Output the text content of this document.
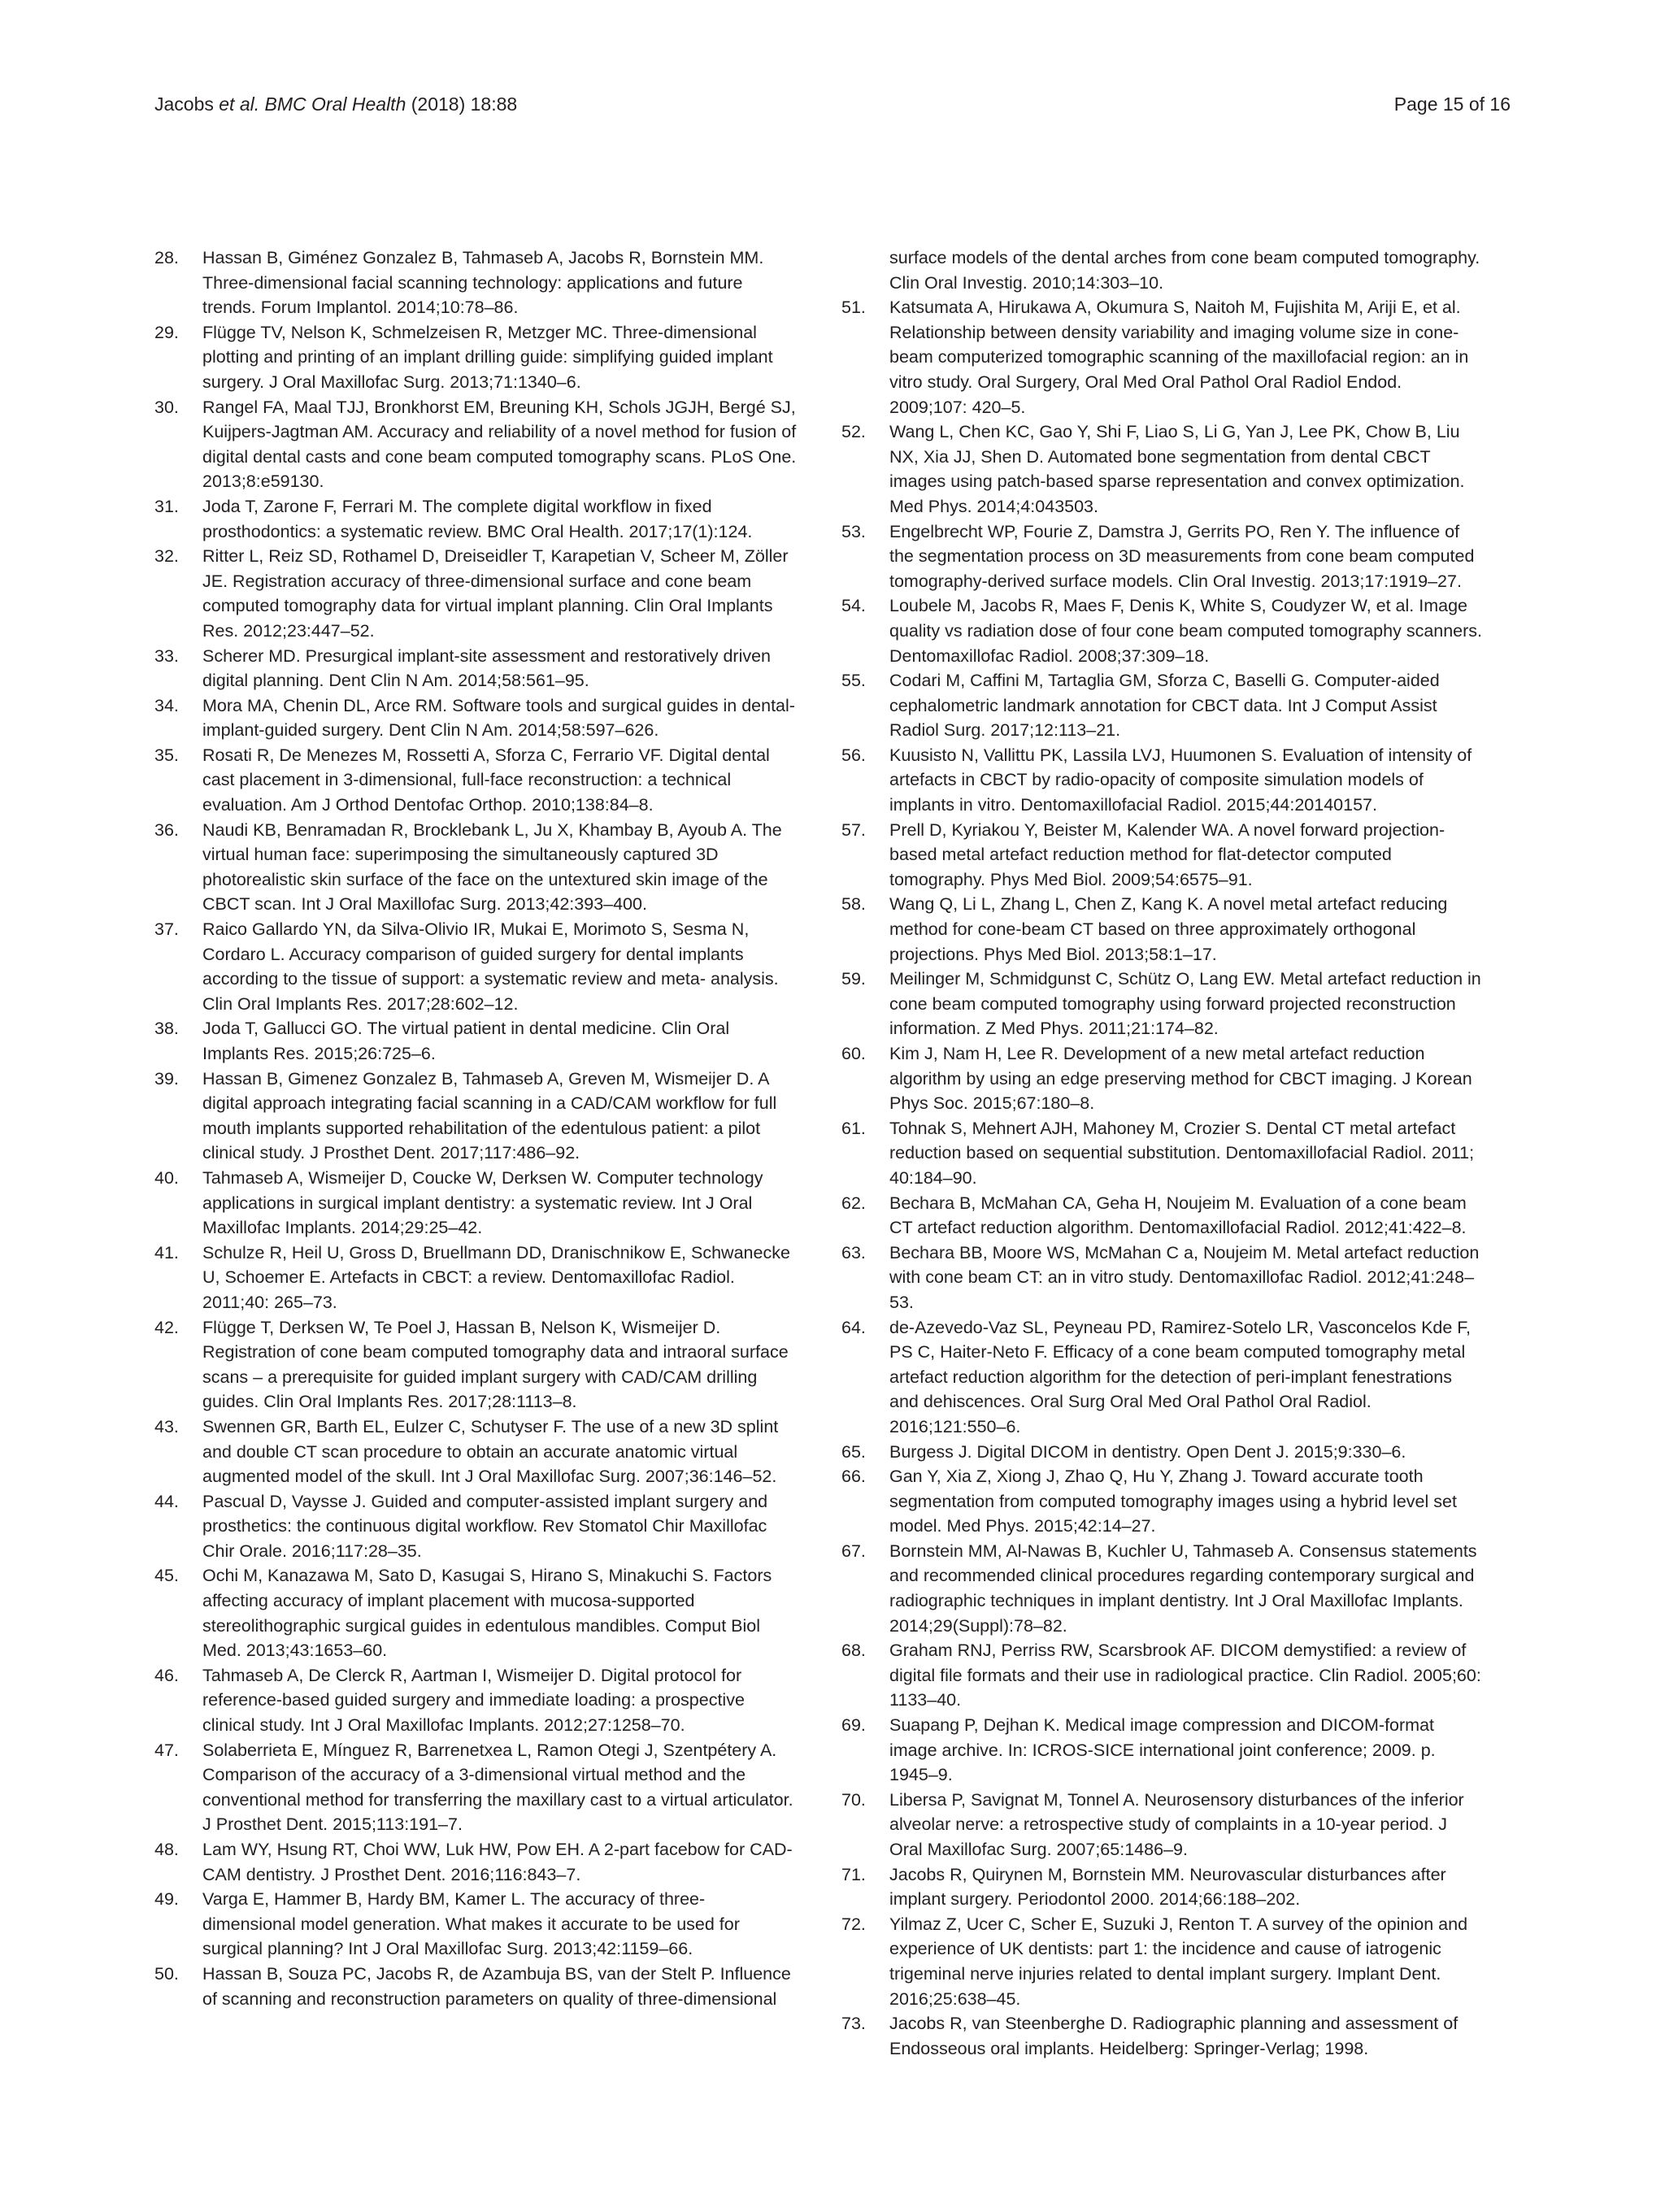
Jacobs et al. BMC Oral Health (2018) 18:88	Page 15 of 16

28. Hassan B, Giménez Gonzalez B, Tahmaseb A, Jacobs R, Bornstein MM. Three-dimensional facial scanning technology: applications and future trends. Forum Implantol. 2014;10:78–86.

29. Flügge TV, Nelson K, Schmelzeisen R, Metzger MC. Three-dimensional plotting and printing of an implant drilling guide: simplifying guided implant surgery. J Oral Maxillofac Surg. 2013;71:1340–6.

30. Rangel FA, Maal TJJ, Bronkhorst EM, Breuning KH, Schols JGJH, Bergé SJ, Kuijpers-Jagtman AM. Accuracy and reliability of a novel method for fusion of digital dental casts and cone beam computed tomography scans. PLoS One. 2013;8:e59130.

31. Joda T, Zarone F, Ferrari M. The complete digital workflow in fixed prosthodontics: a systematic review. BMC Oral Health. 2017;17(1):124.

32. Ritter L, Reiz SD, Rothamel D, Dreiseidler T, Karapetian V, Scheer M, Zöller JE. Registration accuracy of three-dimensional surface and cone beam computed tomography data for virtual implant planning. Clin Oral Implants Res. 2012;23:447–52.

33. Scherer MD. Presurgical implant-site assessment and restoratively driven digital planning. Dent Clin N Am. 2014;58:561–95.

34. Mora MA, Chenin DL, Arce RM. Software tools and surgical guides in dental-implant-guided surgery. Dent Clin N Am. 2014;58:597–626.

35. Rosati R, De Menezes M, Rossetti A, Sforza C, Ferrario VF. Digital dental cast placement in 3-dimensional, full-face reconstruction: a technical evaluation. Am J Orthod Dentofac Orthop. 2010;138:84–8.

36. Naudi KB, Benramadan R, Brocklebank L, Ju X, Khambay B, Ayoub A. The virtual human face: superimposing the simultaneously captured 3D photorealistic skin surface of the face on the untextured skin image of the CBCT scan. Int J Oral Maxillofac Surg. 2013;42:393–400.

37. Raico Gallardo YN, da Silva-Olivio IR, Mukai E, Morimoto S, Sesma N, Cordaro L. Accuracy comparison of guided surgery for dental implants according to the tissue of support: a systematic review and meta- analysis. Clin Oral Implants Res. 2017;28:602–12.

38. Joda T, Gallucci GO. The virtual patient in dental medicine. Clin Oral Implants Res. 2015;26:725–6.

39. Hassan B, Gimenez Gonzalez B, Tahmaseb A, Greven M, Wismeijer D. A digital approach integrating facial scanning in a CAD/CAM workflow for full mouth implants supported rehabilitation of the edentulous patient: a pilot clinical study. J Prosthet Dent. 2017;117:486–92.

40. Tahmaseb A, Wismeijer D, Coucke W, Derksen W. Computer technology applications in surgical implant dentistry: a systematic review. Int J Oral Maxillofac Implants. 2014;29:25–42.

41. Schulze R, Heil U, Gross D, Bruellmann DD, Dranischnikow E, Schwanecke U, Schoemer E. Artefacts in CBCT: a review. Dentomaxillofac Radiol. 2011;40: 265–73.

42. Flügge T, Derksen W, Te Poel J, Hassan B, Nelson K, Wismeijer D. Registration of cone beam computed tomography data and intraoral surface scans – a prerequisite for guided implant surgery with CAD/CAM drilling guides. Clin Oral Implants Res. 2017;28:1113–8.

43. Swennen GR, Barth EL, Eulzer C, Schutyser F. The use of a new 3D splint and double CT scan procedure to obtain an accurate anatomic virtual augmented model of the skull. Int J Oral Maxillofac Surg. 2007;36:146–52.

44. Pascual D, Vaysse J. Guided and computer-assisted implant surgery and prosthetics: the continuous digital workflow. Rev Stomatol Chir Maxillofac Chir Orale. 2016;117:28–35.

45. Ochi M, Kanazawa M, Sato D, Kasugai S, Hirano S, Minakuchi S. Factors affecting accuracy of implant placement with mucosa-supported stereolithographic surgical guides in edentulous mandibles. Comput Biol Med. 2013;43:1653–60.

46. Tahmaseb A, De Clerck R, Aartman I, Wismeijer D. Digital protocol for reference-based guided surgery and immediate loading: a prospective clinical study. Int J Oral Maxillofac Implants. 2012;27:1258–70.

47. Solaberrieta E, Mínguez R, Barrenetxea L, Ramon Otegi J, Szentpétery A. Comparison of the accuracy of a 3-dimensional virtual method and the conventional method for transferring the maxillary cast to a virtual articulator. J Prosthet Dent. 2015;113:191–7.

48. Lam WY, Hsung RT, Choi WW, Luk HW, Pow EH. A 2-part facebow for CAD-CAM dentistry. J Prosthet Dent. 2016;116:843–7.

49. Varga E, Hammer B, Hardy BM, Kamer L. The accuracy of three-dimensional model generation. What makes it accurate to be used for surgical planning? Int J Oral Maxillofac Surg. 2013;42:1159–66.

50. Hassan B, Souza PC, Jacobs R, de Azambuja BS, van der Stelt P. Influence of scanning and reconstruction parameters on quality of three-dimensional

surface models of the dental arches from cone beam computed tomography. Clin Oral Investig. 2010;14:303–10.

51. Katsumata A, Hirukawa A, Okumura S, Naitoh M, Fujishita M, Ariji E, et al. Relationship between density variability and imaging volume size in cone-beam computerized tomographic scanning of the maxillofacial region: an in vitro study. Oral Surgery, Oral Med Oral Pathol Oral Radiol Endod. 2009;107: 420–5.

52. Wang L, Chen KC, Gao Y, Shi F, Liao S, Li G, Yan J, Lee PK, Chow B, Liu NX, Xia JJ, Shen D. Automated bone segmentation from dental CBCT images using patch-based sparse representation and convex optimization. Med Phys. 2014;4:043503.

53. Engelbrecht WP, Fourie Z, Damstra J, Gerrits PO, Ren Y. The influence of the segmentation process on 3D measurements from cone beam computed tomography-derived surface models. Clin Oral Investig. 2013;17:1919–27.

54. Loubele M, Jacobs R, Maes F, Denis K, White S, Coudyzer W, et al. Image quality vs radiation dose of four cone beam computed tomography scanners. Dentomaxillofac Radiol. 2008;37:309–18.

55. Codari M, Caffini M, Tartaglia GM, Sforza C, Baselli G. Computer-aided cephalometric landmark annotation for CBCT data. Int J Comput Assist Radiol Surg. 2017;12:113–21.

56. Kuusisto N, Vallittu PK, Lassila LVJ, Huumonen S. Evaluation of intensity of artefacts in CBCT by radio-opacity of composite simulation models of implants in vitro. Dentomaxillofacial Radiol. 2015;44:20140157.

57. Prell D, Kyriakou Y, Beister M, Kalender WA. A novel forward projection-based metal artefact reduction method for flat-detector computed tomography. Phys Med Biol. 2009;54:6575–91.

58. Wang Q, Li L, Zhang L, Chen Z, Kang K. A novel metal artefact reducing method for cone-beam CT based on three approximately orthogonal projections. Phys Med Biol. 2013;58:1–17.

59. Meilinger M, Schmidgunst C, Schütz O, Lang EW. Metal artefact reduction in cone beam computed tomography using forward projected reconstruction information. Z Med Phys. 2011;21:174–82.

60. Kim J, Nam H, Lee R. Development of a new metal artefact reduction algorithm by using an edge preserving method for CBCT imaging. J Korean Phys Soc. 2015;67:180–8.

61. Tohnak S, Mehnert AJH, Mahoney M, Crozier S. Dental CT metal artefact reduction based on sequential substitution. Dentomaxillofacial Radiol. 2011; 40:184–90.

62. Bechara B, McMahan CA, Geha H, Noujeim M. Evaluation of a cone beam CT artefact reduction algorithm. Dentomaxillofacial Radiol. 2012;41:422–8.

63. Bechara BB, Moore WS, McMahan C a, Noujeim M. Metal artefact reduction with cone beam CT: an in vitro study. Dentomaxillofac Radiol. 2012;41:248–53.

64. de-Azevedo-Vaz SL, Peyneau PD, Ramirez-Sotelo LR, Vasconcelos Kde F, PS C, Haiter-Neto F. Efficacy of a cone beam computed tomography metal artefact reduction algorithm for the detection of peri-implant fenestrations and dehiscences. Oral Surg Oral Med Oral Pathol Oral Radiol. 2016;121:550–6.

65. Burgess J. Digital DICOM in dentistry. Open Dent J. 2015;9:330–6.

66. Gan Y, Xia Z, Xiong J, Zhao Q, Hu Y, Zhang J. Toward accurate tooth segmentation from computed tomography images using a hybrid level set model. Med Phys. 2015;42:14–27.

67. Bornstein MM, Al-Nawas B, Kuchler U, Tahmaseb A. Consensus statements and recommended clinical procedures regarding contemporary surgical and radiographic techniques in implant dentistry. Int J Oral Maxillofac Implants. 2014;29(Suppl):78–82.

68. Graham RNJ, Perriss RW, Scarsbrook AF. DICOM demystified: a review of digital file formats and their use in radiological practice. Clin Radiol. 2005;60: 1133–40.

69. Suapang P, Dejhan K. Medical image compression and DICOM-format image archive. In: ICROS-SICE international joint conference; 2009. p. 1945–9.

70. Libersa P, Savignat M, Tonnel A. Neurosensory disturbances of the inferior alveolar nerve: a retrospective study of complaints in a 10-year period. J Oral Maxillofac Surg. 2007;65:1486–9.

71. Jacobs R, Quirynen M, Bornstein MM. Neurovascular disturbances after implant surgery. Periodontol 2000. 2014;66:188–202.

72. Yilmaz Z, Ucer C, Scher E, Suzuki J, Renton T. A survey of the opinion and experience of UK dentists: part 1: the incidence and cause of iatrogenic trigeminal nerve injuries related to dental implant surgery. Implant Dent. 2016;25:638–45.

73. Jacobs R, van Steenberghe D. Radiographic planning and assessment of Endosseous oral implants. Heidelberg: Springer-Verlag; 1998.
